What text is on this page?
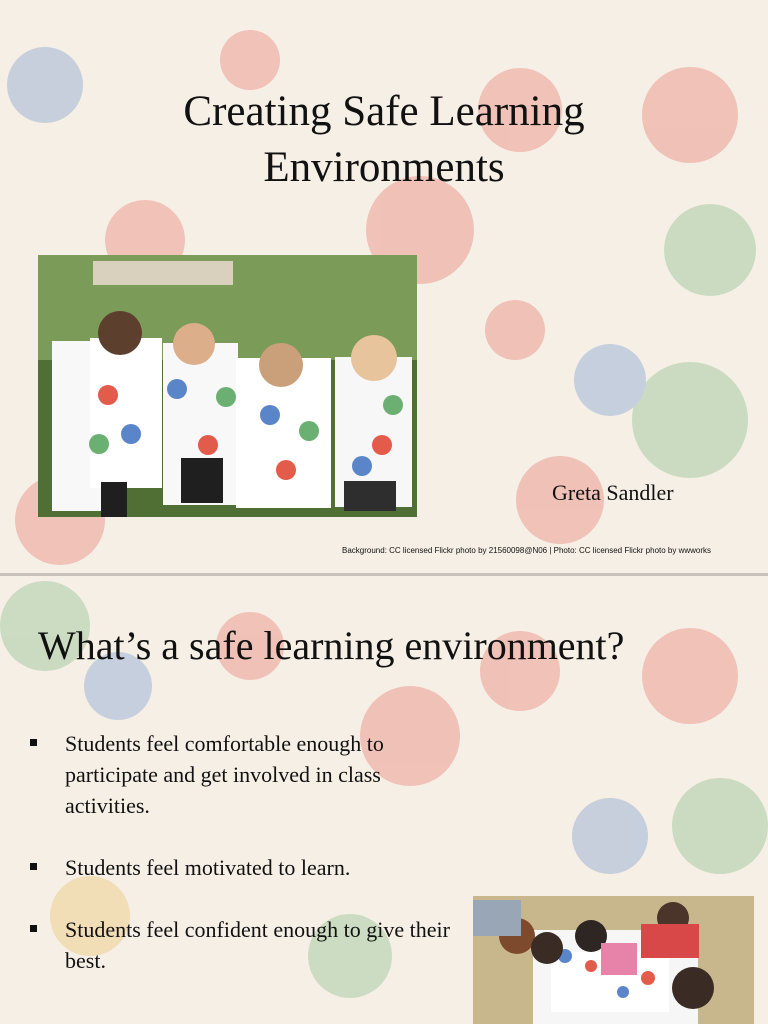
Creating Safe Learning
Environments
Greta Sandler
Background: CC licensed Flickr photo by 21560098@N06 | Photo: CC licensed Flickr photo by wwworks
What’s a safe learning environment?
Students feel comfortable enough to participate and get involved in class activities.
Students feel motivated to learn.
Students feel confident enough to give their best.
